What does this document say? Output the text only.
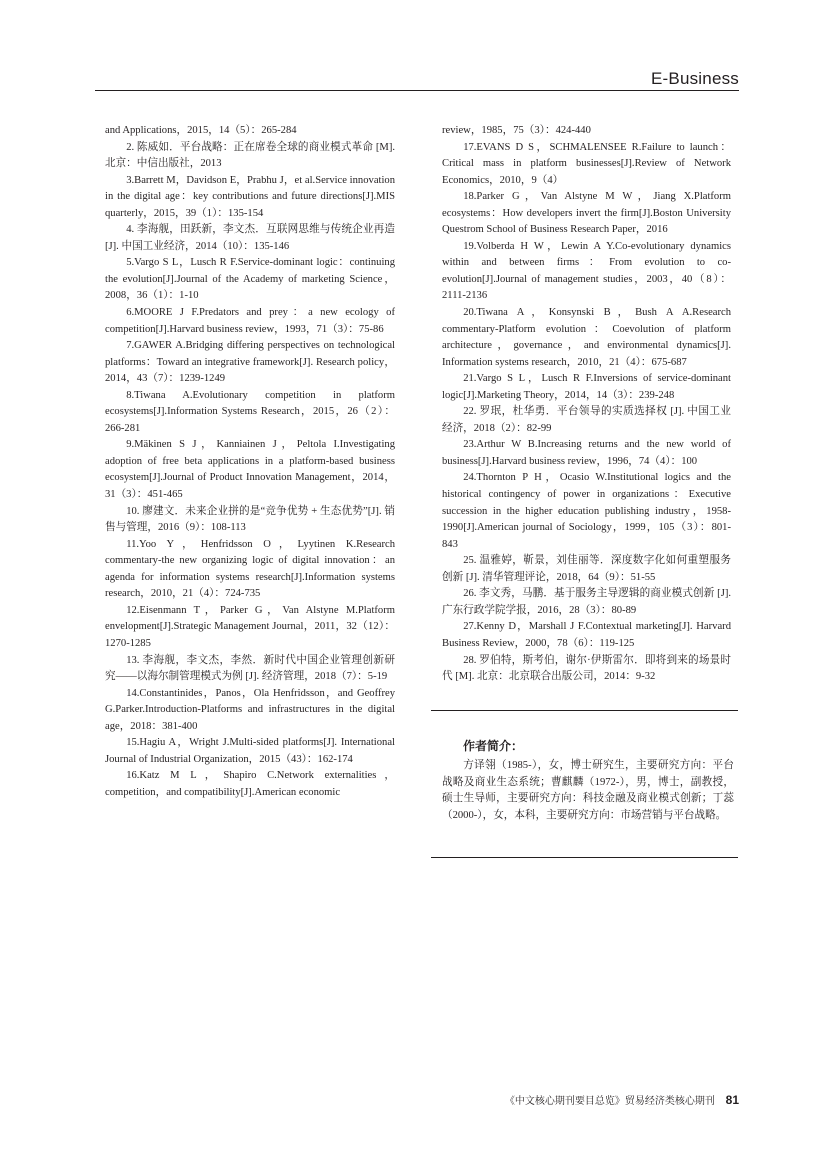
E-Business

and Applications，2015，14（5）：265-284

2. 陈威如．平台战略：正在席卷全球的商业模式革命 [M]. 北京：中信出版社，2013

3.Barrett M，Davidson E，Prabhu J，et al.Service innovation in the digital age：key contributions and future directions[J].MIS quarterly，2015，39（1）：135-154

4. 李海舰，田跃新，李文杰．互联网思维与传统企业再造 [J]. 中国工业经济，2014（10）：135-146

5.Vargo S L，Lusch R F.Service-dominant logic：continuing the evolution[J].Journal of the Academy of marketing Science，2008，36（1）：1-10

6.MOORE J F.Predators and prey：a new ecology of competition[J].Harvard business review，1993，71（3）：75-86

7.GAWER A.Bridging differing perspectives on technological platforms：Toward an integrative framework[J]. Research policy，2014，43（7）：1239-1249

8.Tiwana A.Evolutionary competition in platform ecosystems[J].Information Systems Research，2015，26（2）：266-281

9.Mäkinen S J，Kanniainen J，Peltola I.Investigating adoption of free beta applications in a platform-based business ecosystem[J].Journal of Product Innovation Management，2014，31（3）：451-465

10. 廖建文．未来企业拼的是“竞争优势 + 生态优势”[J]. 销售与管理，2016（9）：108-113

11.Yoo Y，Henfridsson O，Lyytinen K.Research commentary-the new organizing logic of digital innovation：an agenda for information systems research[J].Information systems research，2010，21（4）：724-735

12.Eisenmann T，Parker G，Van Alstyne M.Platform envelopment[J].Strategic Management Journal，2011，32（12）：1270-1285

13. 李海舰，李文杰，李然．新时代中国企业管理创新研究——以海尔制管理模式为例 [J]. 经济管理，2018（7）：5-19

14.Constantinides，Panos，Ola Henfridsson，and Geoffrey G.Parker.Introduction-Platforms and infrastructures in the digital age，2018：381-400

15.Hagiu A，Wright J.Multi-sided platforms[J]. International Journal of Industrial Organization，2015（43）：162-174

16.Katz M L，Shapiro C.Network externalities，competition，and compatibility[J].American economic

review，1985，75（3）：424-440

17.EVANS D S，SCHMALENSEE R.Failure to launch：Critical mass in platform businesses[J].Review of Network Economics，2010，9（4）

18.Parker G，Van Alstyne M W，Jiang X.Platform ecosystems：How developers invert the firm[J].Boston University Questrom School of Business Research Paper，2016

19.Volberda H W，Lewin A Y.Co-evolutionary dynamics within and between firms：From evolution to co-evolution[J].Journal of management studies，2003，40（8）：2111-2136

20.Tiwana A，Konsynski B，Bush A A.Research commentary-Platform evolution：Coevolution of platform architecture，governance，and environmental dynamics[J]. Information systems research，2010，21（4）：675-687

21.Vargo S L，Lusch R F.Inversions of service-dominant logic[J].Marketing Theory，2014，14（3）：239-248

22. 罗珉，杜华勇．平台领导的实质选择权 [J]. 中国工业经济，2018（2）：82-99

23.Arthur W B.Increasing returns and the new world of business[J].Harvard business review，1996，74（4）：100

24.Thornton P H，Ocasio W.Institutional logics and the historical contingency of power in organizations：Executive succession in the higher education publishing industry，1958-1990[J].American journal of Sociology，1999，105（3）：801-843

25. 温雅婷，靳景，刘佳丽等．深度数字化如何重塑服务创新 [J]. 清华管理评论，2018，64（9）：51-55

26. 李文秀，马鹏．基于服务主导逻辑的商业模式创新 [J]. 广东行政学院学报，2016，28（3）：80-89

27.Kenny D，Marshall J F.Contextual marketing[J]. Harvard Business Review，2000，78（6）：119-125

28. 罗伯特，斯考伯，谢尔·伊斯雷尔．即将到来的场景时代 [M]. 北京：北京联合出版公司，2014：9-32

作者简介：

方译翎（1985-），女，博士研究生，主要研究方向：平台战略及商业生态系统；曹麒麟（1972-），男，博士，副教授，硕士生导师，主要研究方向：科技金融及商业模式创新；丁蕊（2000-），女，本科，主要研究方向：市场营销与平台战略。

《中文核心期刊要目总览》贸易经济类核心期刊 81
